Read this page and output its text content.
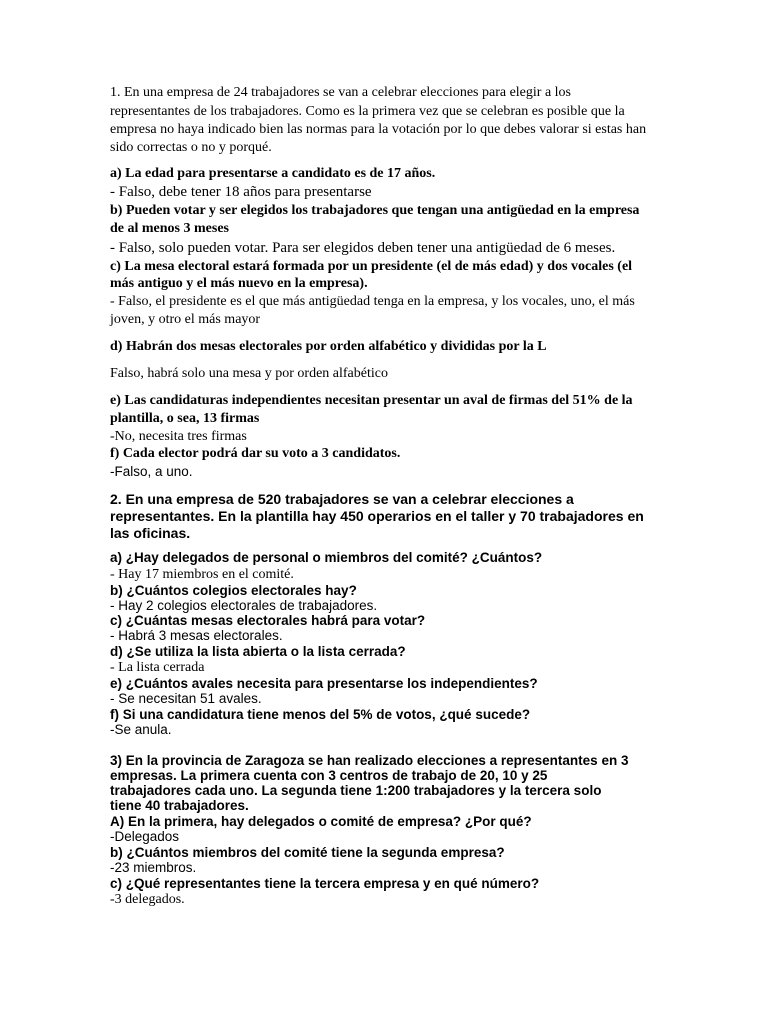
1. En una empresa de 24 trabajadores se van a celebrar elecciones para elegir a los
representantes de los trabajadores. Como es la primera vez que se celebran es posible que la
empresa no haya indicado bien las normas para la votación por lo que debes valorar si estas han
sido correctas o no y porqué.
a) La edad para presentarse a candidato es de 17 años.
- Falso, debe tener 18 años para presentarse
b) Pueden votar y ser elegidos los trabajadores que tengan una antigüedad en la empresa
de al menos 3 meses
- Falso, solo pueden votar. Para ser elegidos deben tener una antigüedad de 6 meses.
c) La mesa electoral estará formada por un presidente (el de más edad) y dos vocales (el
más antiguo y el más nuevo en la empresa).
- Falso, el presidente es el que más antigüedad tenga en la empresa, y los vocales, uno, el más
joven, y otro el más mayor
d) Habrán dos mesas electorales por orden alfabético y divididas por la L
Falso, habrá solo una mesa y por orden alfabético
e) Las candidaturas independientes necesitan presentar un aval de firmas del 51% de la
plantilla, o sea, 13 firmas
-No, necesita tres firmas
f) Cada elector podrá dar su voto a 3 candidatos.
-Falso, a uno.
2. En una empresa de 520 trabajadores se van a celebrar elecciones a
representantes. En la plantilla hay 450 operarios en el taller y 70 trabajadores en
las oficinas.
a) ¿Hay delegados de personal o miembros del comité? ¿Cuántos?
- Hay 17 miembros en el comité.
b) ¿Cuántos colegios electorales hay?
- Hay 2 colegios electorales de trabajadores.
c) ¿Cuántas mesas electorales habrá para votar?
- Habrá 3 mesas electorales.
d) ¿Se utiliza la lista abierta o la lista cerrada?
- La lista cerrada
e) ¿Cuántos avales necesita para presentarse los independientes?
- Se necesitan 51 avales.
f) Si una candidatura tiene menos del 5% de votos, ¿qué sucede?
-Se anula.
3) En la provincia de Zaragoza se han realizado elecciones a representantes en 3
empresas. La primera cuenta con 3 centros de trabajo de 20, 10 y 25
trabajadores cada uno. La segunda tiene 1:200 trabajadores y la tercera solo
tiene 40 trabajadores.
A) En la primera, hay delegados o comité de empresa? ¿Por qué?
-Delegados
b) ¿Cuántos miembros del comité tiene la segunda empresa?
-23 miembros.
c) ¿Qué representantes tiene la tercera empresa y en qué número?
-3 delegados.
